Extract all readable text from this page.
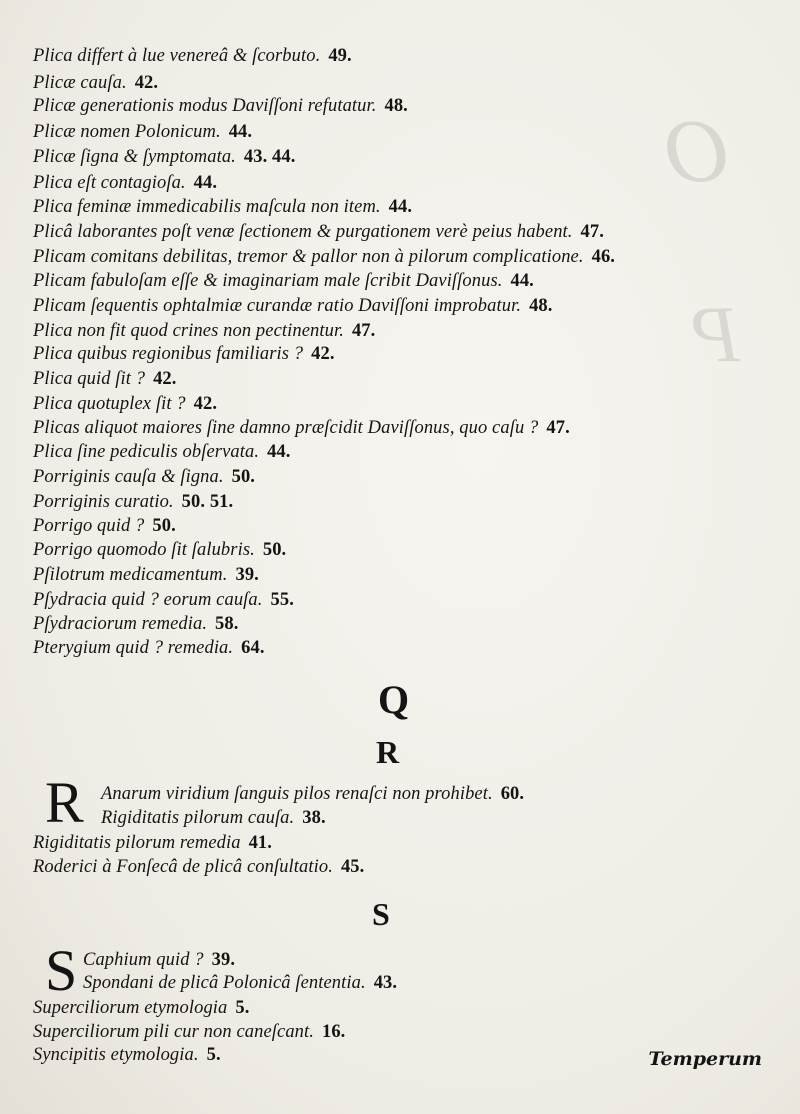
O
P
Plica differt à lue venereâ & ſcorbuto. 49.
Plicæ cauſa. 42.
Plicæ generationis modus Daviſſoni refutatur. 48.
Plicæ nomen Polonicum. 44.
Plicæ ſigna & ſymptomata. 43. 44.
Plica eſt contagioſa. 44.
Plica feminæ immedicabilis maſcula non item. 44.
Plicâ laborantes poſt venæ ſectionem & purgationem verè peius habent. 47.
Plicam comitans debilitas, tremor & pallor non à pilorum complicatione. 46.
Plicam fabuloſam eſſe & imaginariam male ſcribit Daviſſonus. 44.
Plicam ſequentis ophtalmiæ curandæ ratio Daviſſoni improbatur. 48.
Plica non fit quod crines non pectinentur. 47.
Plica quibus regionibus familiaris ? 42.
Plica quid ſit ? 42.
Plica quotuplex ſit ? 42.
Plicas aliquot maiores ſine damno præſcidit Daviſſonus, quo caſu ? 47.
Plica ſine pediculis obſervata. 44.
Porriginis cauſa & ſigna. 50.
Porriginis curatio. 50. 51.
Porrigo quid ? 50.
Porrigo quomodo ſit ſalubris. 50.
Pſilotrum medicamentum. 39.
Pſydracia quid ? eorum cauſa. 55.
Pſydraciorum remedia. 58.
Pterygium quid ? remedia. 64.
Q
R
R Anarum viridium ſanguis pilos renaſci non prohibet. 60.
Rigiditatis pilorum cauſa. 38.
Rigiditatis pilorum remedia 41.
Roderici à Fonſecâ de plicâ conſultatio. 45.
S
S Caphium quid ? 39.
Spondani de plicâ Polonicâ ſententia. 43.
Superciliorum etymologia 5.
Superciliorum pili cur non caneſcant. 16.
Syncipitis etymologia. 5.	Temperum
